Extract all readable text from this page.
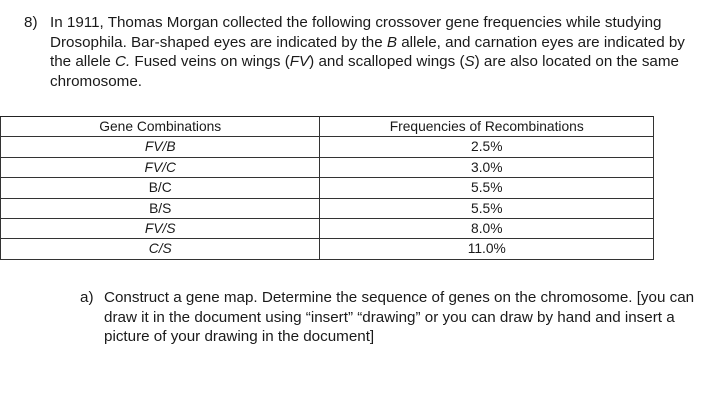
8) In 1911, Thomas Morgan collected the following crossover gene frequencies while studying Drosophila. Bar-shaped eyes are indicated by the B allele, and carnation eyes are indicated by the allele C. Fused veins on wings (FV) and scalloped wings (S) are also located on the same chromosome.
Gene Combinations	Frequencies of Recombinations
FV/B	2.5%
FV/C	3.0%
B/C	5.5%
B/S	5.5%
FV/S	8.0%
C/S	11.0%
a) Construct a gene map. Determine the sequence of genes on the chromosome. [you can draw it in the document using “insert” “drawing” or you can draw by hand and insert a picture of your drawing in the document]
